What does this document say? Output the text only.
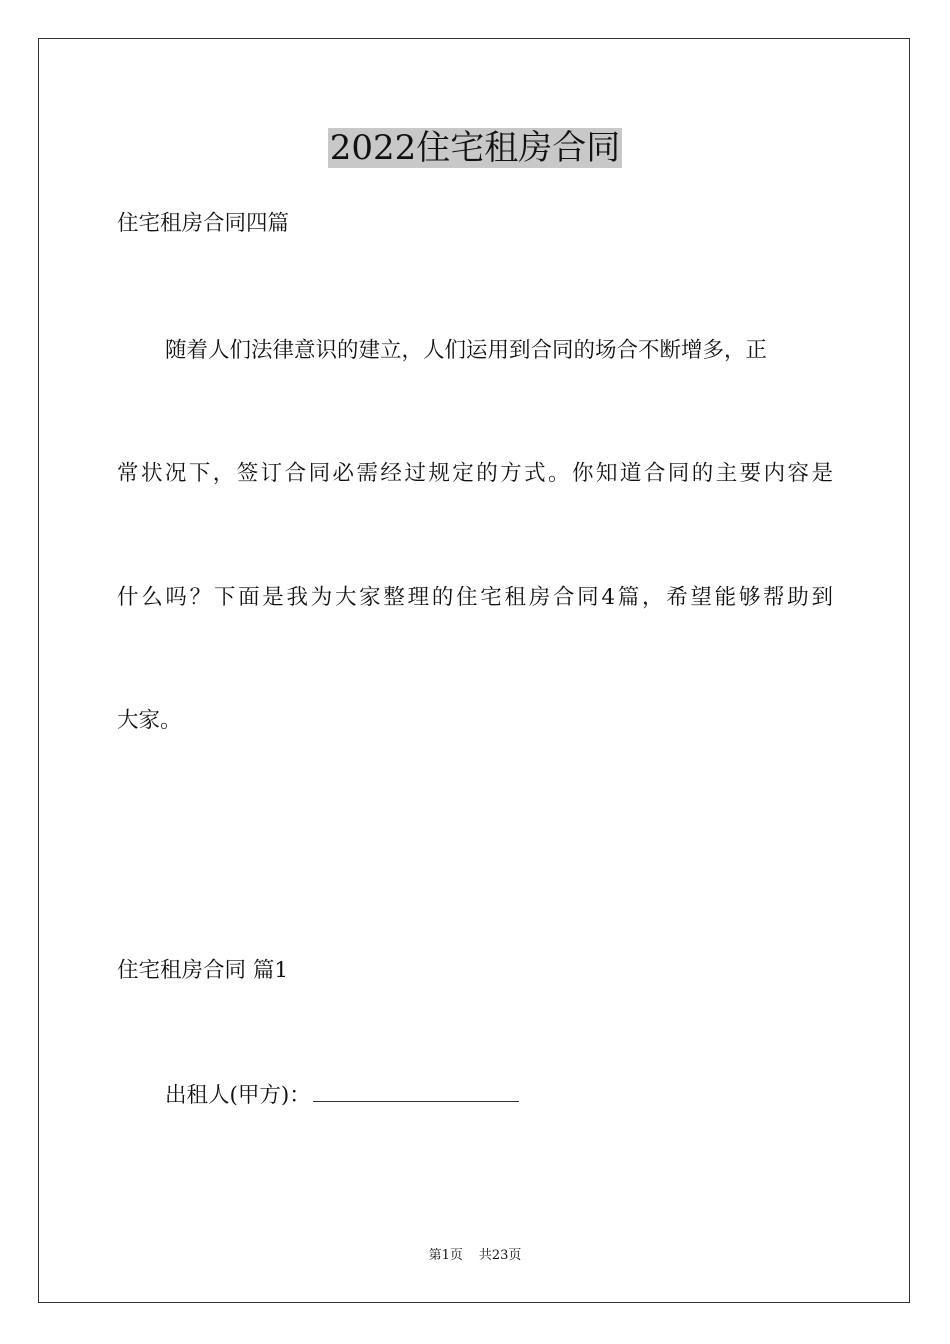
2022住宅租房合同
住宅租房合同四篇
随着人们法律意识的建立，人们运用到合同的场合不断增多，正
常状况下，签订合同必需经过规定的方式。你知道合同的主要内容是
什么吗？下面是我为大家整理的住宅租房合同4篇，希望能够帮助到
大家。
住宅租房合同 篇1
出租人(甲方)：
第1页 共23页
